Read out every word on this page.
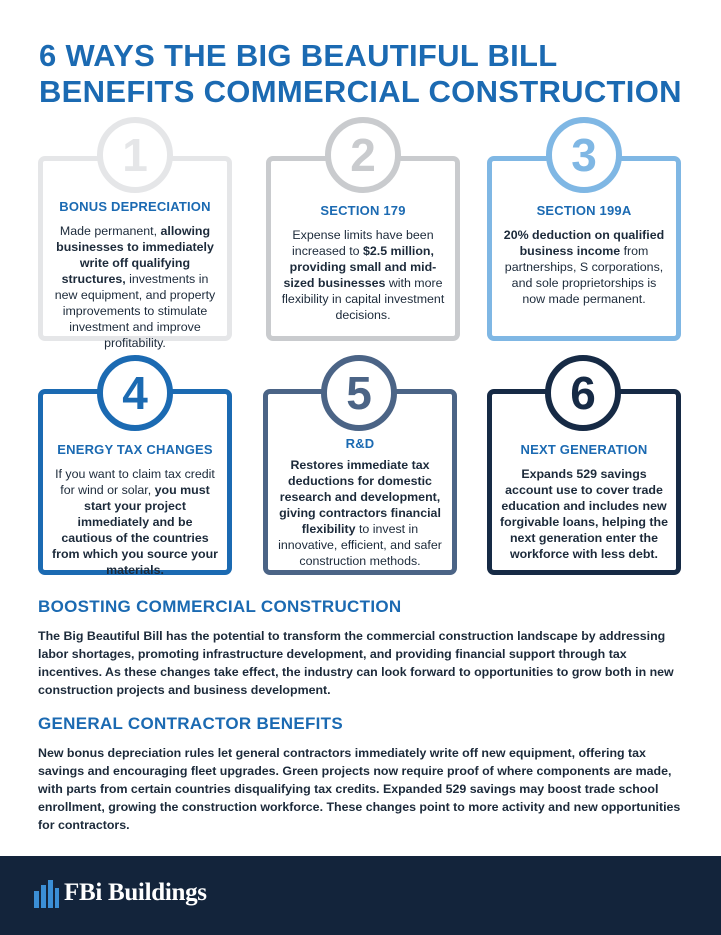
6 WAYS THE BIG BEAUTIFUL BILL
BENEFITS COMMERCIAL CONSTRUCTION
BONUS DEPRECIATION
Made permanent, allowing businesses to immediately write off qualifying structures, investments in new equipment, and property improvements to stimulate investment and improve profitability.
1
SECTION 179
Expense limits have been increased to $2.5 million, providing small and mid-sized businesses with more flexibility in capital investment decisions.
2
SECTION 199A
20% deduction on qualified business income from partnerships, S corporations, and sole proprietorships is now made permanent.
3
ENERGY TAX CHANGES
If you want to claim tax credit for wind or solar, you must start your project immediately and be cautious of the countries from which you source your materials.
4
R&D
Restores immediate tax deductions for domestic research and development, giving contractors financial flexibility to invest in innovative, efficient, and safer construction methods.
5
NEXT GENERATION
Expands 529 savings account use to cover trade education and includes new forgivable loans, helping the next generation enter the workforce with less debt.
6
BOOSTING COMMERCIAL CONSTRUCTION
The Big Beautiful Bill has the potential to transform the commercial construction landscape by addressing labor shortages, promoting infrastructure development, and providing financial support through tax incentives. As these changes take effect, the industry can look forward to opportunities to grow both in new construction projects and business development.
GENERAL CONTRACTOR BENEFITS
New bonus depreciation rules let general contractors immediately write off new equipment, offering tax savings and encouraging fleet upgrades. Green projects now require proof of where components are made, with parts from certain countries disqualifying tax credits. Expanded 529 savings may boost trade school enrollment, growing the construction workforce. These changes point to more activity and new opportunities for contractors.
FBi Buildings
